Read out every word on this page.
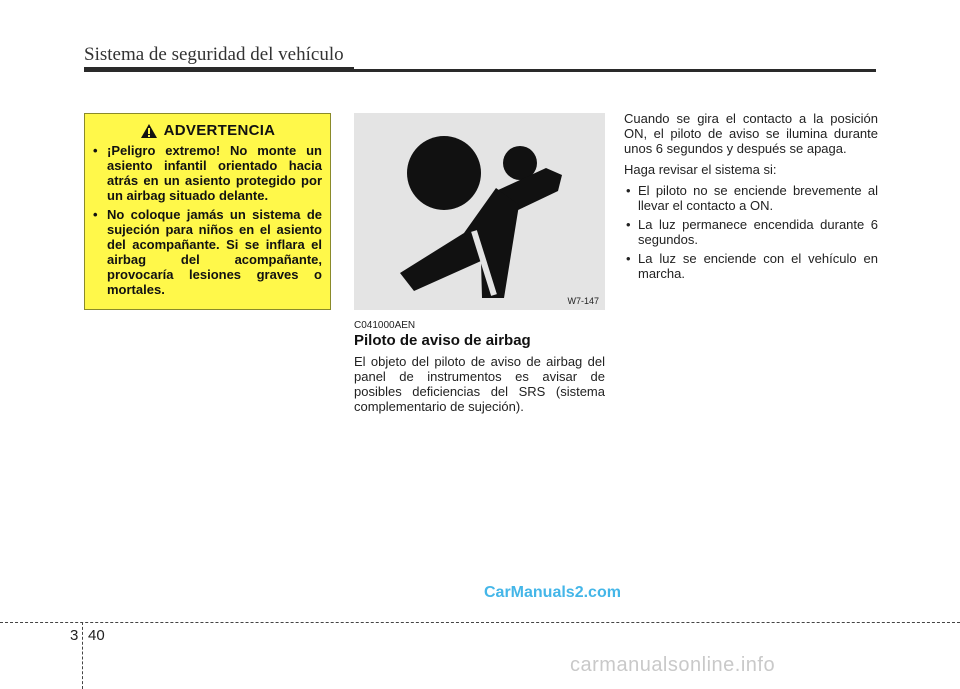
Sistema de seguridad del vehículo
ADVERTENCIA
• ¡Peligro extremo! No monte un asiento infantil orientado hacia atrás en un asiento protegido por un airbag situado delante.
• No coloque jamás un sistema de sujeción para niños en el asiento del acompañante. Si se inflara el airbag del acompañante, provocaría lesiones graves o mortales.
W7-147
C041000AEN
Piloto de aviso de airbag
El objeto del piloto de aviso de airbag del panel de instrumentos es avisar de posibles deficiencias del SRS (sistema complementario de sujeción).

Cuando se gira el contacto a la posición ON, el piloto de aviso se ilumina durante unos 6 segundos y después se apaga.

Haga revisar el sistema si:

• El piloto no se enciende brevemente al llevar el contacto a ON.
• La luz permanece encendida durante 6 segundos.
• La luz se enciende con el vehículo en marcha.
CarManuals2.com
3 40
carmanualsonline.info
